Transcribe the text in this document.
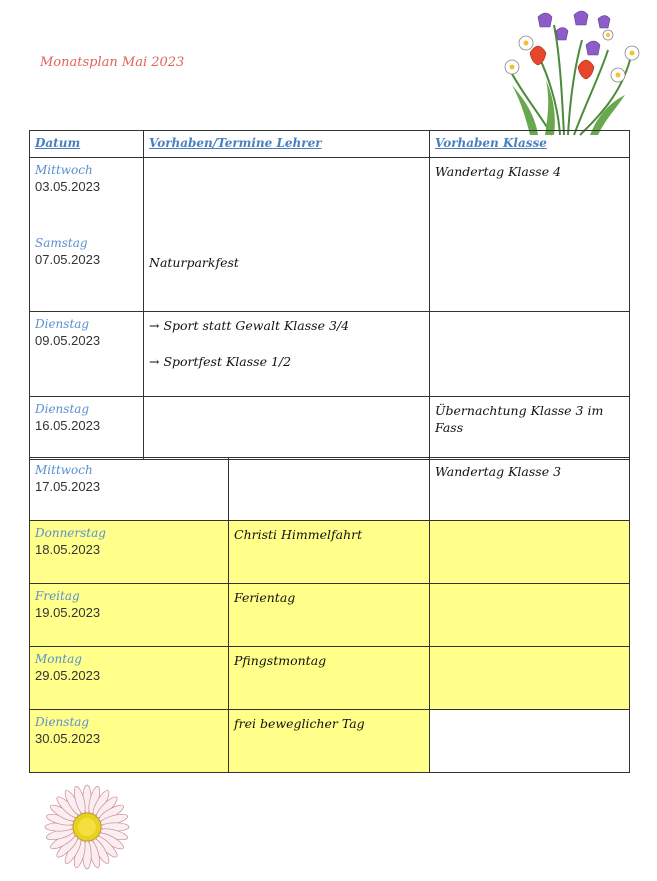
Monatsplan Mai 2023
Datum	Vorhaben/Termine Lehrer	Vorhaben Klasse

Mittwoch
03.05.2023
Samstag
07.05.2023	Naturparkfest	Wandertag Klasse 4

Dienstag
09.05.2023	→ Sport statt Gewalt Klasse 3/4
→ Sportfest Klasse 1/2	

Dienstag
16.05.2023		Übernachtung Klasse 3 im Fass
Mittwoch
17.05.2023		Wandertag Klasse 3

Donnerstag
18.05.2023	Christi Himmelfahrt	

Freitag
19.05.2023	Ferientag	

Montag
29.05.2023	Pfingstmontag	

Dienstag
30.05.2023	frei beweglicher Tag	
